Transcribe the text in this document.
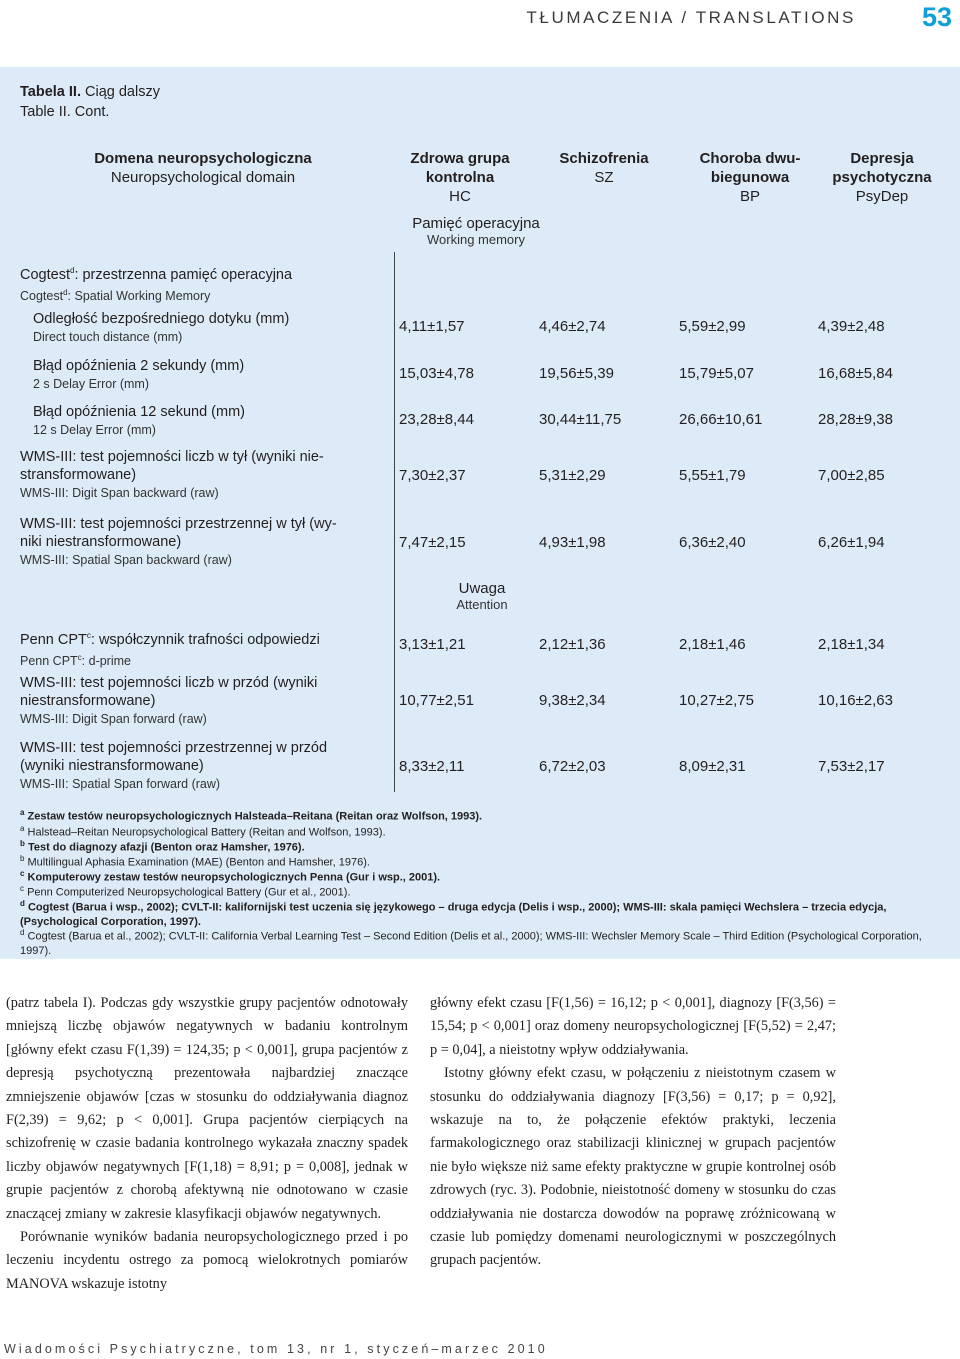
TŁUMACZENIA / TRANSLATIONS 53
Tabela II. Ciąg dalszy
Table II. Cont.
Domena neuropsychologiczna
Neuropsychological domain
Zdrowa grupa
kontrolna
HC
Schizofrenia
SZ
Choroba dwu-
biegunowa
BP
Depresja
psychotyczna
PsyDep
Pamięć operacyjna
Working memory
Cogtest$^d$: przestrzenna pamięć operacyjna
Cogtest$^d$: Spatial Working Memory
Odległość bezpośredniego dotyku (mm)
Direct touch distance (mm)
4,11±1,57	4,46±2,74	5,59±2,99	4,39±2,48
Błąd opóźnienia 2 sekundy (mm)
2 s Delay Error (mm)
15,03±4,78	19,56±5,39	15,79±5,07	16,68±5,84
Błąd opóźnienia 12 sekund (mm)
12 s Delay Error (mm)
23,28±8,44	30,44±11,75	26,66±10,61	28,28±9,38
WMS-III: test pojemności liczb w tył (wyniki nie-
stransformowane)
WMS-III: Digit Span backward (raw)
7,30±2,37	5,31±2,29	5,55±1,79	7,00±2,85
WMS-III: test pojemności przestrzennej w tył (wy-
niki niestransformowane)
WMS-III: Spatial Span backward (raw)
7,47±2,15	4,93±1,98	6,36±2,40	6,26±1,94
Uwaga
Attention
Penn CPT$^c$: współczynnik trafności odpowiedzi
Penn CPT$^c$: d-prime
3,13±1,21	2,12±1,36	2,18±1,46	2,18±1,34
WMS-III: test pojemności liczb w przód (wyniki
niestransformowane)
WMS-III: Digit Span forward (raw)
10,77±2,51	9,38±2,34	10,27±2,75	10,16±2,63
WMS-III: test pojemności przestrzennej w przód
(wyniki niestransformowane)
WMS-III: Spatial Span forward (raw)
8,33±2,11	6,72±2,03	8,09±2,31	7,53±2,17
$^a$ Zestaw testów neuropsychologicznych Halsteada–Reitana (Reitan oraz Wolfson, 1993).
$^a$ Halstead–Reitan Neuropsychological Battery (Reitan and Wolfson, 1993).
$^b$ Test do diagnozy afazji (Benton oraz Hamsher, 1976).
$^b$ Multilingual Aphasia Examination (MAE) (Benton and Hamsher, 1976).
$^c$ Komputerowy zestaw testów neuropsychologicznych Penna (Gur i wsp., 2001).
$^c$ Penn Computerized Neuropsychological Battery (Gur et al., 2001).
$^d$ Cogtest (Barua i wsp., 2002); CVLT-II: kalifornijski test uczenia się językowego – druga edycja (Delis i wsp., 2000); WMS-III: skala pamięci Wechslera – trzecia edycja, (Psychological Corporation, 1997).
$^d$ Cogtest (Barua et al., 2002); CVLT-II: California Verbal Learning Test – Second Edition (Delis et al., 2000); WMS-III: Wechsler Memory Scale – Third Edition (Psychological Corporation, 1997).

(patrz tabela I). Podczas gdy wszystkie grupy pacjentów odnotowały mniejszą liczbę objawów negatywnych w badaniu kontrolnym [główny efekt czasu F(1,39) = 124,35; p < 0,001], grupa pacjentów z depresją psychotyczną prezentowała najbardziej znaczące zmniejszenie objawów [czas w stosunku do oddziaływania diagnoz F(2,39) = 9,62; p < 0,001]. Grupa pacjentów cierpiących na schizofrenię w czasie badania kontrolnego wykazała znaczny spadek liczby objawów negatywnych [F(1,18) = 8,91; p = 0,008], jednak w grupie pacjentów z chorobą afektywną nie odnotowano w czasie znaczącej zmiany w zakresie klasyfikacji objawów negatywnych.

Porównanie wyników badania neuropsychologicznego przed i po leczeniu incydentu ostrego za pomocą wielokrotnych pomiarów MANOVA wskazuje istotny

główny efekt czasu [F(1,56) = 16,12; p < 0,001], diagnozy [F(3,56) = 15,54; p < 0,001] oraz domeny neuropsychologicznej [F(5,52) = 2,47; p = 0,04], a nieistotny wpływ oddziaływania.

Istotny główny efekt czasu, w połączeniu z nieistotnym czasem w stosunku do oddziaływania diagnozy [F(3,56) = 0,17; p = 0,92], wskazuje na to, że połączenie efektów praktyki, leczenia farmakologicznego oraz stabilizacji klinicznej w grupach pacjentów nie było większe niż same efekty praktyczne w grupie kontrolnej osób zdrowych (ryc. 3). Podobnie, nieistotność domeny w stosunku do czas oddziaływania nie dostarcza dowodów na poprawę zróżnicowaną w czasie lub pomiędzy domenami neurologicznymi w poszczególnych grupach pacjentów.

Wiadomości Psychiatryczne, tom 13, nr 1, styczeń–marzec 2010
